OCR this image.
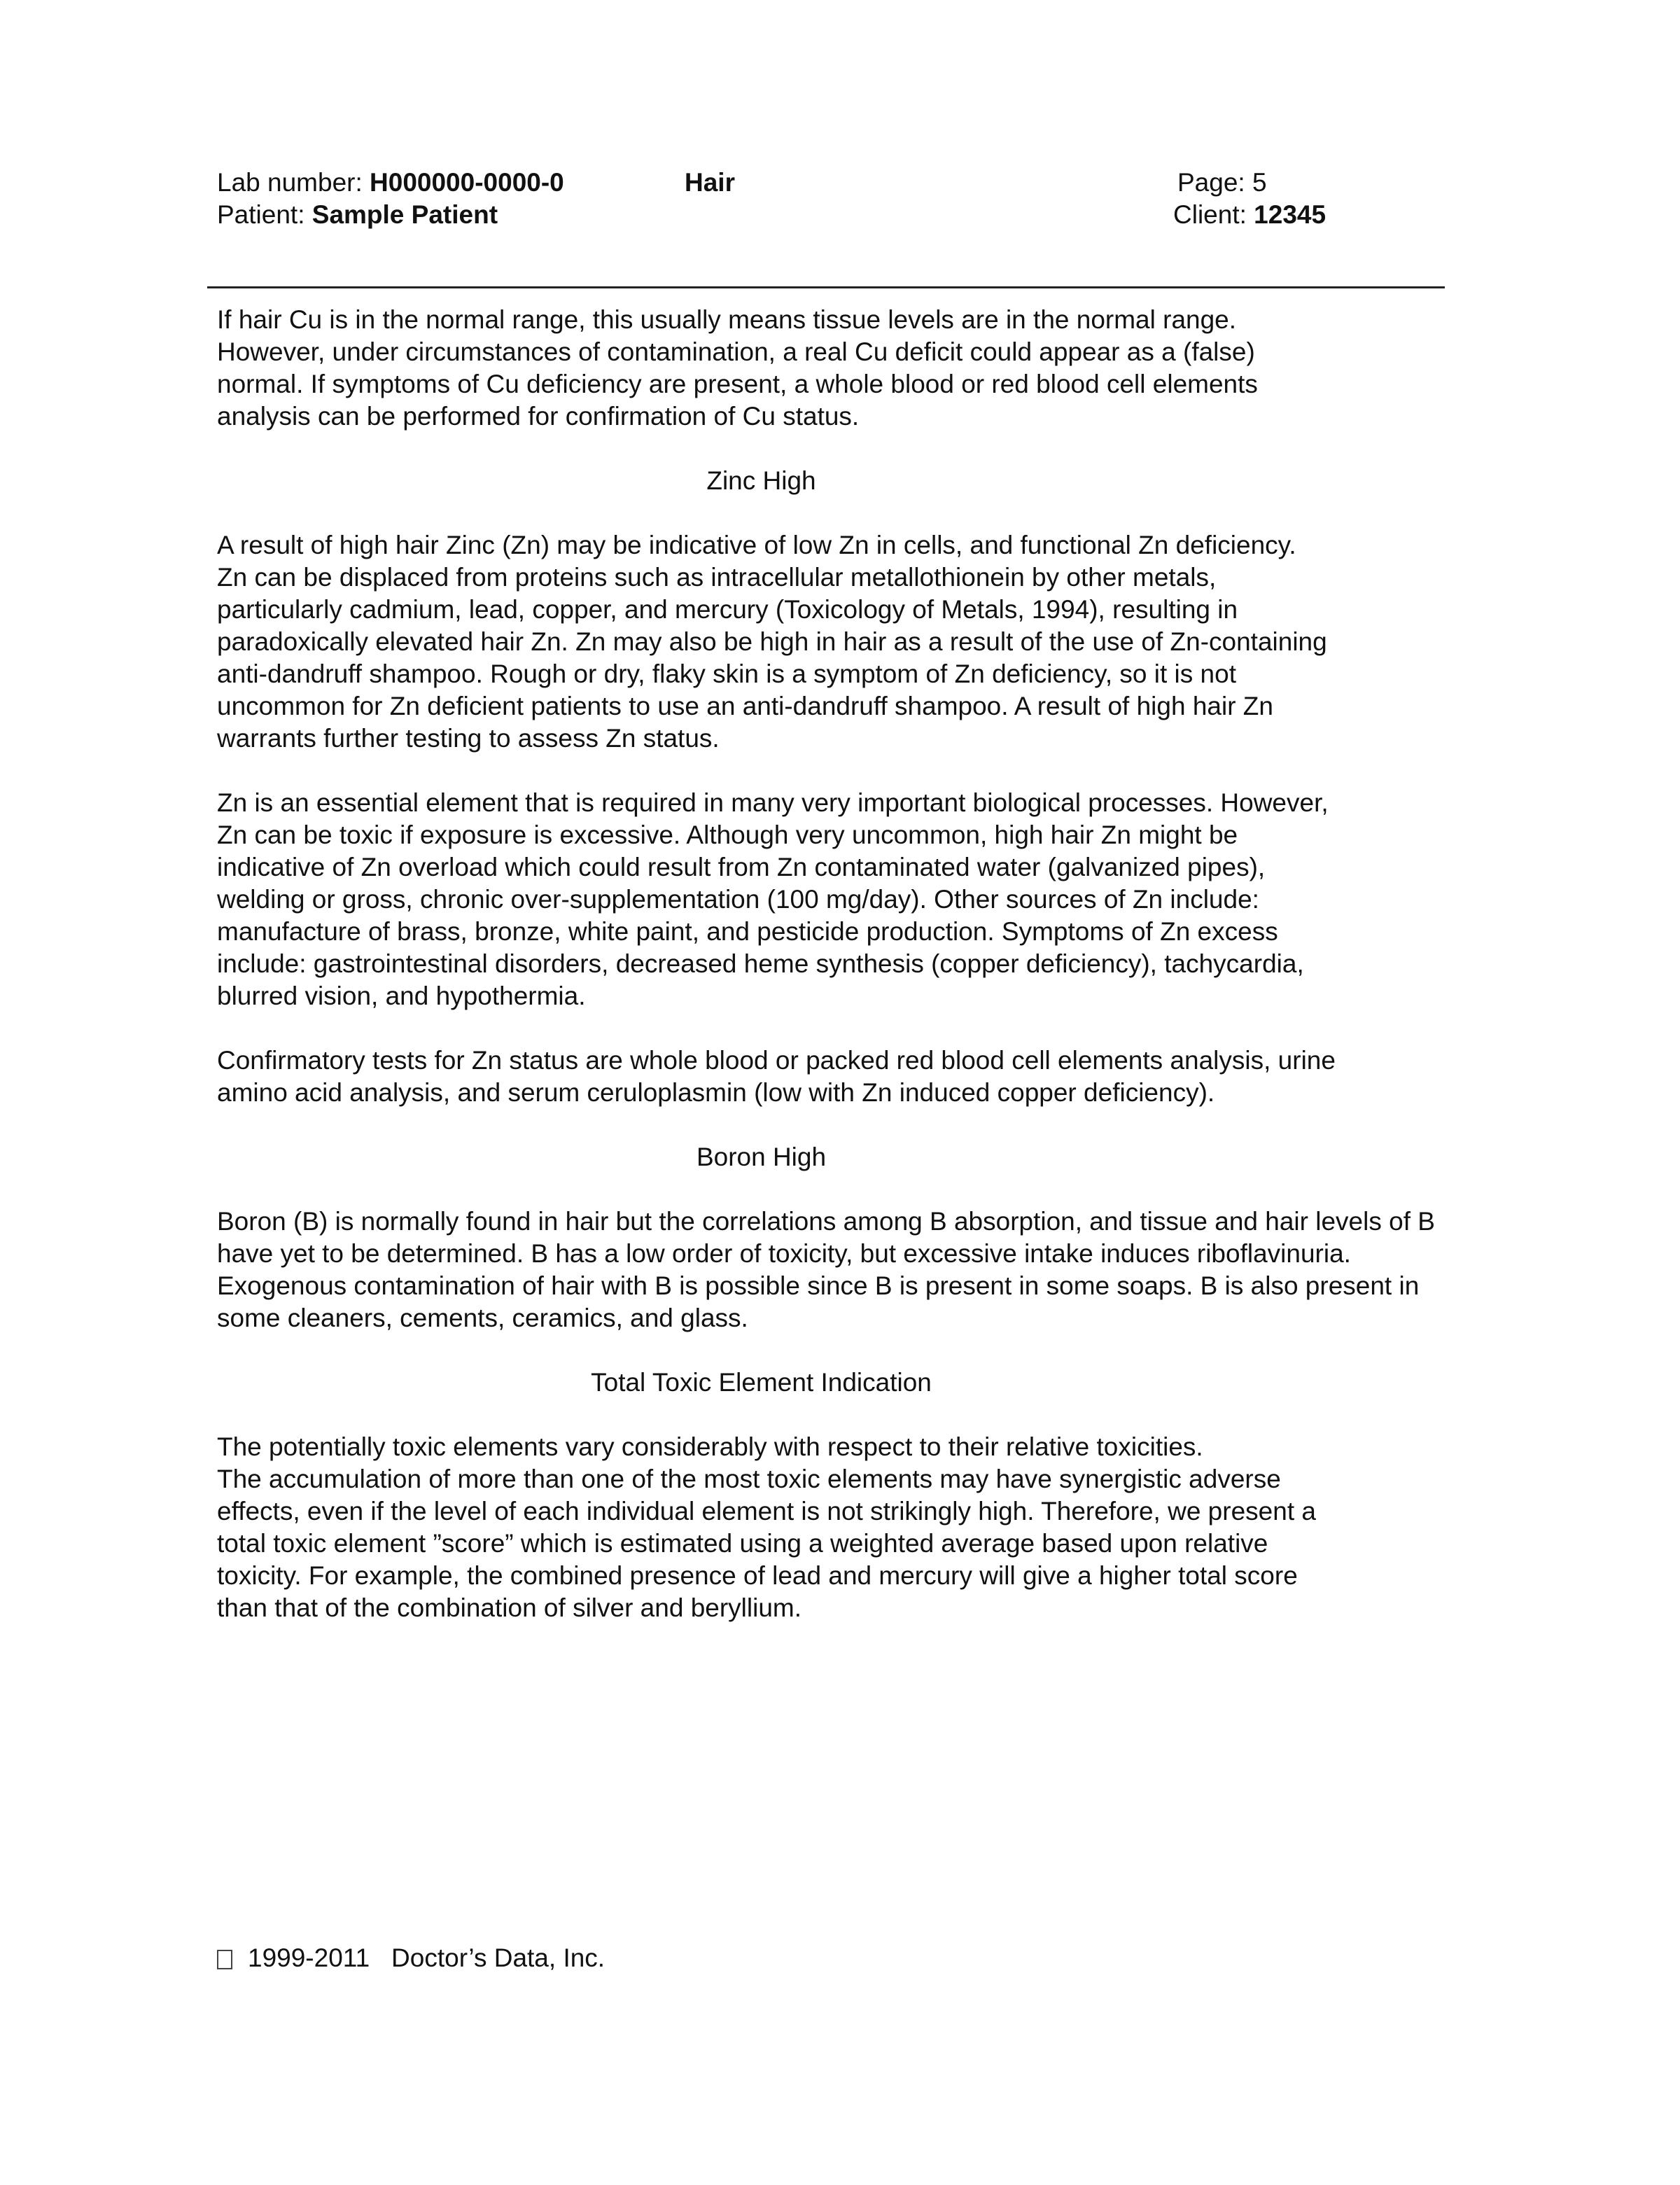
Lab number: H000000-0000-0	Hair	Page: 5
Patient: Sample Patient	Client: 12345
If hair Cu is in the normal range, this usually means tissue levels are in the normal range.
However, under circumstances of contamination, a real Cu deficit could appear as a (false)
normal. If symptoms of Cu deficiency are present, a whole blood or red blood cell elements
analysis can be performed for confirmation of Cu status.
Zinc High
A result of high hair Zinc (Zn) may be indicative of low Zn in cells, and functional Zn deficiency.
Zn can be displaced from proteins such as intracellular metallothionein by other metals,
particularly cadmium, lead, copper, and mercury (Toxicology of Metals, 1994), resulting in
paradoxically elevated hair Zn. Zn may also be high in hair as a result of the use of Zn-containing
anti-dandruff shampoo. Rough or dry, flaky skin is a symptom of Zn deficiency, so it is not
uncommon for Zn deficient patients to use an anti-dandruff shampoo. A result of high hair Zn
warrants further testing to assess Zn status.
Zn is an essential element that is required in many very important biological processes. However,
Zn can be toxic if exposure is excessive. Although very uncommon, high hair Zn might be
indicative of Zn overload which could result from Zn contaminated water (galvanized pipes),
welding or gross, chronic over-supplementation (100 mg/day). Other sources of Zn include:
manufacture of brass, bronze, white paint, and pesticide production. Symptoms of Zn excess
include: gastrointestinal disorders, decreased heme synthesis (copper deficiency), tachycardia,
blurred vision, and hypothermia.
Confirmatory tests for Zn status are whole blood or packed red blood cell elements analysis, urine
amino acid analysis, and serum ceruloplasmin (low with Zn induced copper deficiency).
Boron High
Boron (B) is normally found in hair but the correlations among B absorption, and tissue and hair levels of B
have yet to be determined. B has a low order of toxicity, but excessive intake induces riboflavinuria.
Exogenous contamination of hair with B is possible since B is present in some soaps. B is also present in
some cleaners, cements, ceramics, and glass.
Total Toxic Element Indication
The potentially toxic elements vary considerably with respect to their relative toxicities.
The accumulation of more than one of the most toxic elements may have synergistic adverse
effects, even if the level of each individual element is not strikingly high. Therefore, we present a
total toxic element ”score” which is estimated using a weighted average based upon relative
toxicity. For example, the combined presence of lead and mercury will give a higher total score
than that of the combination of silver and beryllium.
1999-2011 Doctor’s Data, Inc.
